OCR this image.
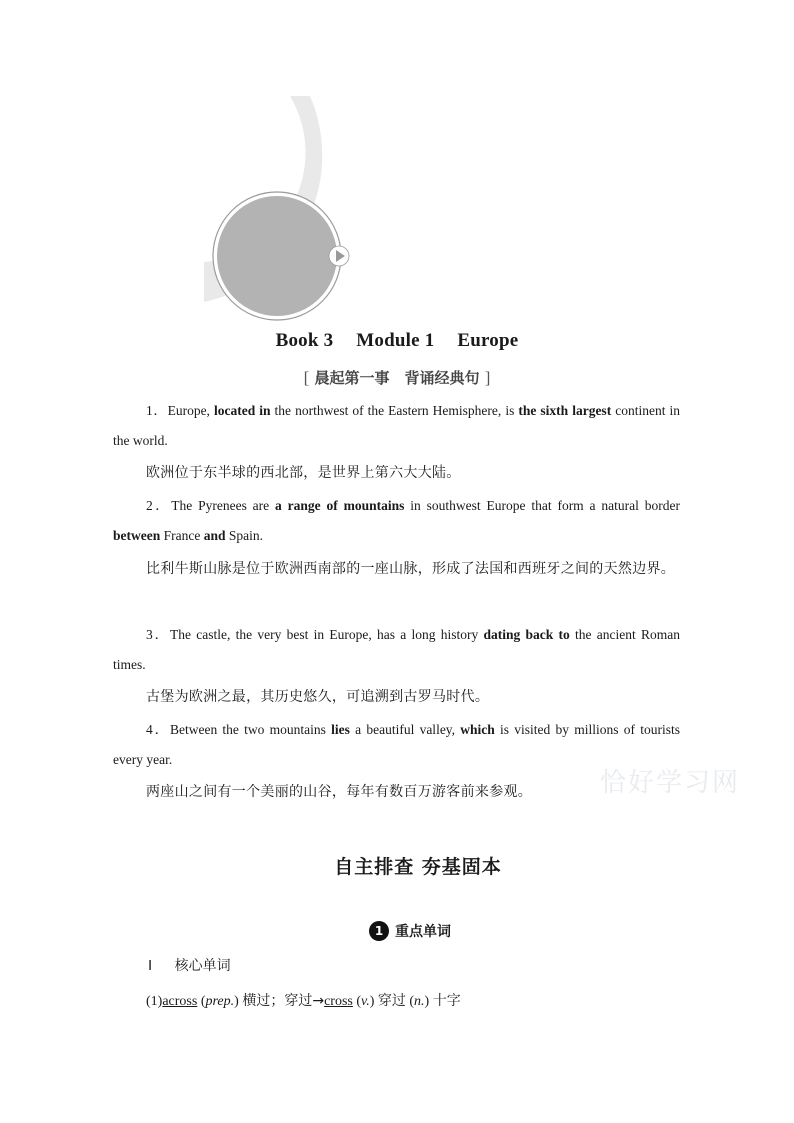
Book 3 Module 1 Europe
[ 晨起第一事　背诵经典句 ]
1．Europe, located in the northwest of the Eastern Hemisphere, is the sixth largest continent in the world.
欧洲位于东半球的西北部，是世界上第六大大陆。
2．The Pyrenees are a range of mountains in southwest Europe that form a natural border between France and Spain.
比利牛斯山脉是位于欧洲西南部的一座山脉，形成了法国和西班牙之间的天然边界。
3．The castle, the very best in Europe, has a long history dating back to the ancient Roman times.
古堡为欧洲之最，其历史悠久，可追溯到古罗马时代。
4．Between the two mountains lies a beautiful valley, which is visited by millions of tourists every year.
两座山之间有一个美丽的山谷，每年有数百万游客前来参观。	恰好学习网
自主排查 夯基固本
1 重点单词
Ⅰ 核心单词
(1)across (prep.) 横过；穿过→cross (v.) 穿过 (n.) 十字
